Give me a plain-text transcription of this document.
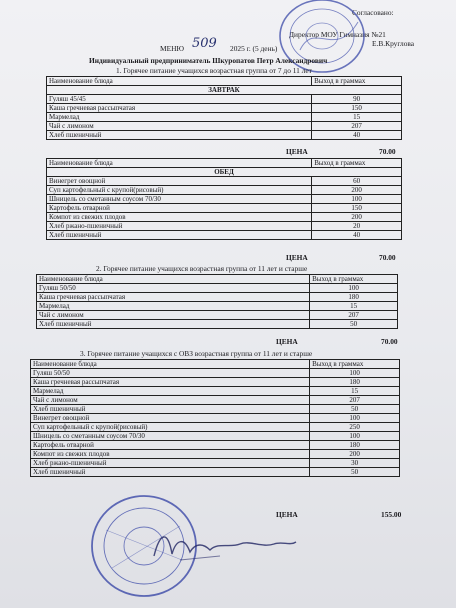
Согласовано:
Директор МОУ Гимназия №21
Е.В.Круглова
МЕНЮ 509 2025 г. (5 день)
Индивидуальный предприниматель Шкуропатов Петр Александрович
1. Горячее питание учащихся возрастная группа от 7 до 11 лет
Наименование блюда	Выход в граммах
ЗАВТРАК	
Гуляш 45/45	90
Каша гречневая рассыпчатая	150
Мармелад	15
Чай с лимоном	207
Хлеб пшеничный	40
ЦЕНА	70.00
Наименование блюда	Выход в граммах
ОБЕД	
Винегрет овощной	60
Суп картофельный с крупой(рисовый)	200
Шницель со сметанным соусом 70/30	100
Картофель отварной	150
Компот из свежих плодов	200
Хлеб ржано-пшеничный	20
Хлеб пшеничный	40
ЦЕНА	70.00
2. Горячее питание учащихся возрастная группа от 11 лет и старше
Наименование блюда	Выход в граммах
Гуляш 50/50	100
Каша гречневая рассыпчатая	180
Мармелад	15
Чай с лимоном	207
Хлеб пшеничный	50
ЦЕНА	70.00
3. Горячее питание учащихся с ОВЗ возрастная группа от 11 лет и старше
Наименование блюда	Выход в граммах
Гуляш 50/50	100
Каша гречневая рассыпчатая	180
Мармелад	15
Чай с лимоном	207
Хлеб пшеничный	50
Винегрет овощной	100
Суп картофельный с крупой(рисовый)	250
Шницель со сметанным соусом 70/30	100
Картофель отварной	180
Компот из свежих плодов	200
Хлеб ржано-пшеничный	30
Хлеб пшеничный	50
ЦЕНА	155.00
